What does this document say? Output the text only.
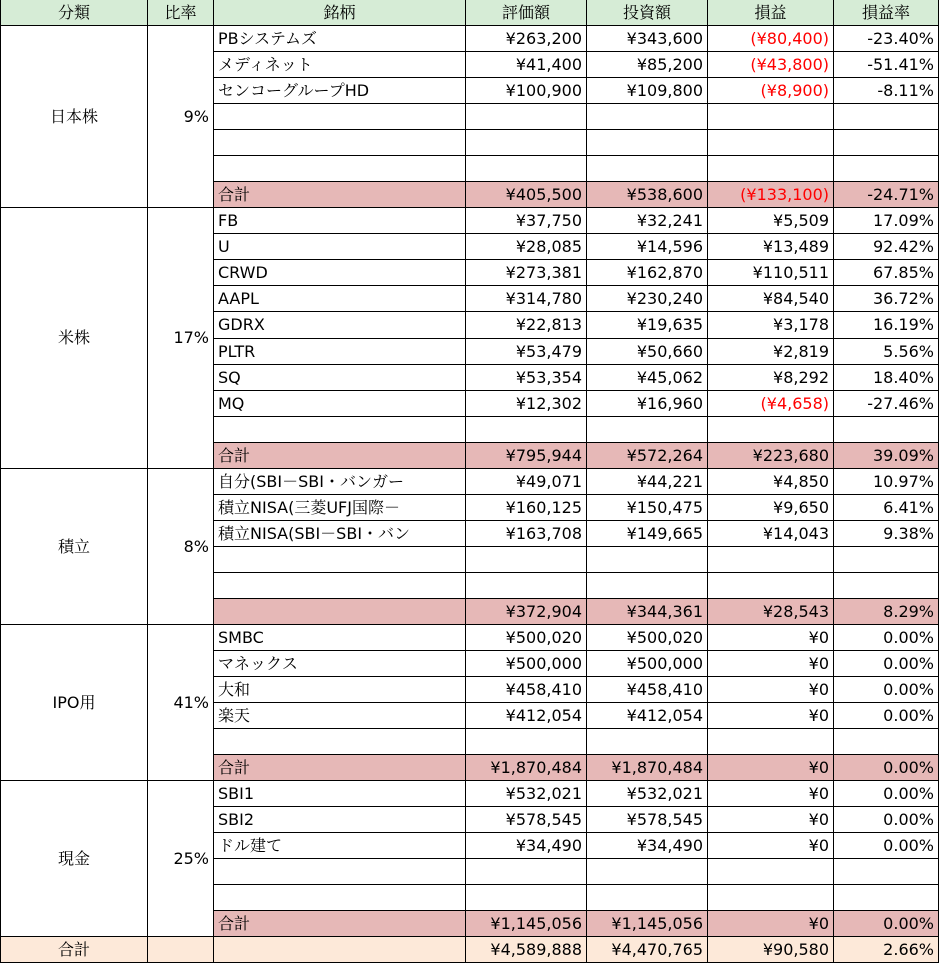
分類	比率	銘柄	評価額	投資額	損益	損益率
日本株	9%
PBシステムズ	¥263,200	¥343,600	(¥80,400)	-23.40%
メディネット	¥41,400	¥85,200	(¥43,800)	-51.41%
センコーグループHD	¥100,900	¥109,800	(¥8,900)	-8.11%
合計	¥405,500	¥538,600	(¥133,100)	-24.71%
米株	17%
FB	¥37,750	¥32,241	¥5,509	17.09%
U	¥28,085	¥14,596	¥13,489	92.42%
CRWD	¥273,381	¥162,870	¥110,511	67.85%
AAPL	¥314,780	¥230,240	¥84,540	36.72%
GDRX	¥22,813	¥19,635	¥3,178	16.19%
PLTR	¥53,479	¥50,660	¥2,819	5.56%
SQ	¥53,354	¥45,062	¥8,292	18.40%
MQ	¥12,302	¥16,960	(¥4,658)	-27.46%
合計	¥795,944	¥572,264	¥223,680	39.09%
積立	8%
自分(SBI－SBI・バンガー	¥49,071	¥44,221	¥4,850	10.97%
積立NISA(三菱UFJ国際－	¥160,125	¥150,475	¥9,650	6.41%
積立NISA(SBI－SBI・バン	¥163,708	¥149,665	¥14,043	9.38%
¥372,904	¥344,361	¥28,543	8.29%
IPO用	41%
SMBC	¥500,020	¥500,020	¥0	0.00%
マネックス	¥500,000	¥500,000	¥0	0.00%
大和	¥458,410	¥458,410	¥0	0.00%
楽天	¥412,054	¥412,054	¥0	0.00%
合計	¥1,870,484	¥1,870,484	¥0	0.00%
現金	25%
SBI1	¥532,021	¥532,021	¥0	0.00%
SBI2	¥578,545	¥578,545	¥0	0.00%
ドル建て	¥34,490	¥34,490	¥0	0.00%
合計	¥1,145,056	¥1,145,056	¥0	0.00%
合計	¥4,589,888	¥4,470,765	¥90,580	2.66%
